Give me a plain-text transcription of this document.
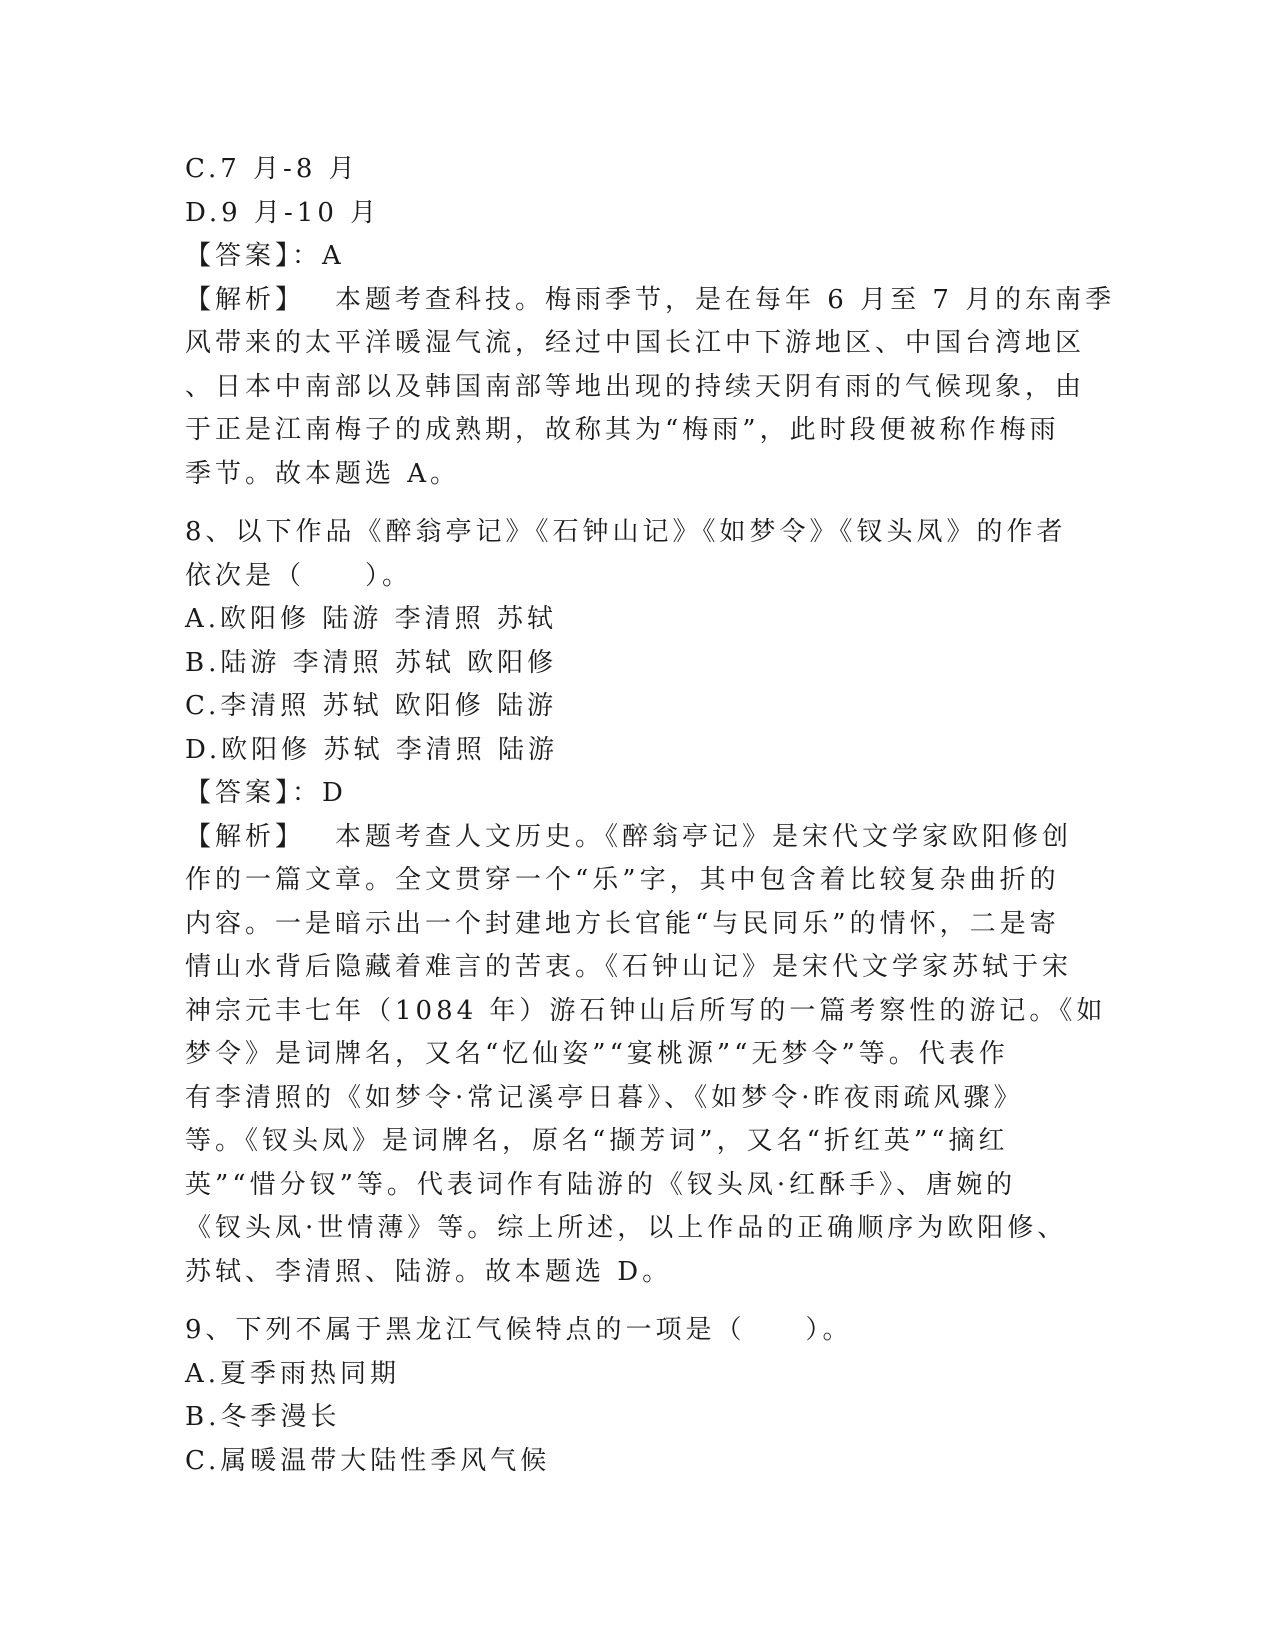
C.7 月-8 月

D.9 月-10 月

【答案】：A

【解析】 本题考查科技。梅雨季节，是在每年 6 月至 7 月的东南季

风带来的太平洋暖湿气流，经过中国长江中下游地区、中国台湾地区

、日本中南部以及韩国南部等地出现的持续天阴有雨的气候现象，由

于正是江南梅子的成熟期，故称其为“梅雨”，此时段便被称作梅雨

季节。故本题选 A。

8、以下作品《醉翁亭记》《石钟山记》《如梦令》《钗头凤》的作者

依次是（　　）。

A.欧阳修 陆游 李清照 苏轼

B.陆游 李清照 苏轼 欧阳修

C.李清照 苏轼 欧阳修 陆游

D.欧阳修 苏轼 李清照 陆游

【答案】：D

【解析】 本题考查人文历史。《醉翁亭记》是宋代文学家欧阳修创

作的一篇文章。全文贯穿一个“乐”字，其中包含着比较复杂曲折的

内容。一是暗示出一个封建地方长官能“与民同乐”的情怀，二是寄

情山水背后隐藏着难言的苦衷。《石钟山记》是宋代文学家苏轼于宋

神宗元丰七年（1084 年）游石钟山后所写的一篇考察性的游记。《如

梦令》是词牌名，又名“忆仙姿”“宴桃源”“无梦令”等。代表作

有李清照的《如梦令·常记溪亭日暮》、《如梦令·昨夜雨疏风骤》

等。《钗头凤》是词牌名，原名“撷芳词”，又名“折红英”“摘红

英”“惜分钗”等。代表词作有陆游的《钗头凤·红酥手》、唐婉的

《钗头凤·世情薄》等。综上所述，以上作品的正确顺序为欧阳修、

苏轼、李清照、陆游。故本题选 D。

9、下列不属于黑龙江气候特点的一项是（　　）。

A.夏季雨热同期

B.冬季漫长

C.属暖温带大陆性季风气候
